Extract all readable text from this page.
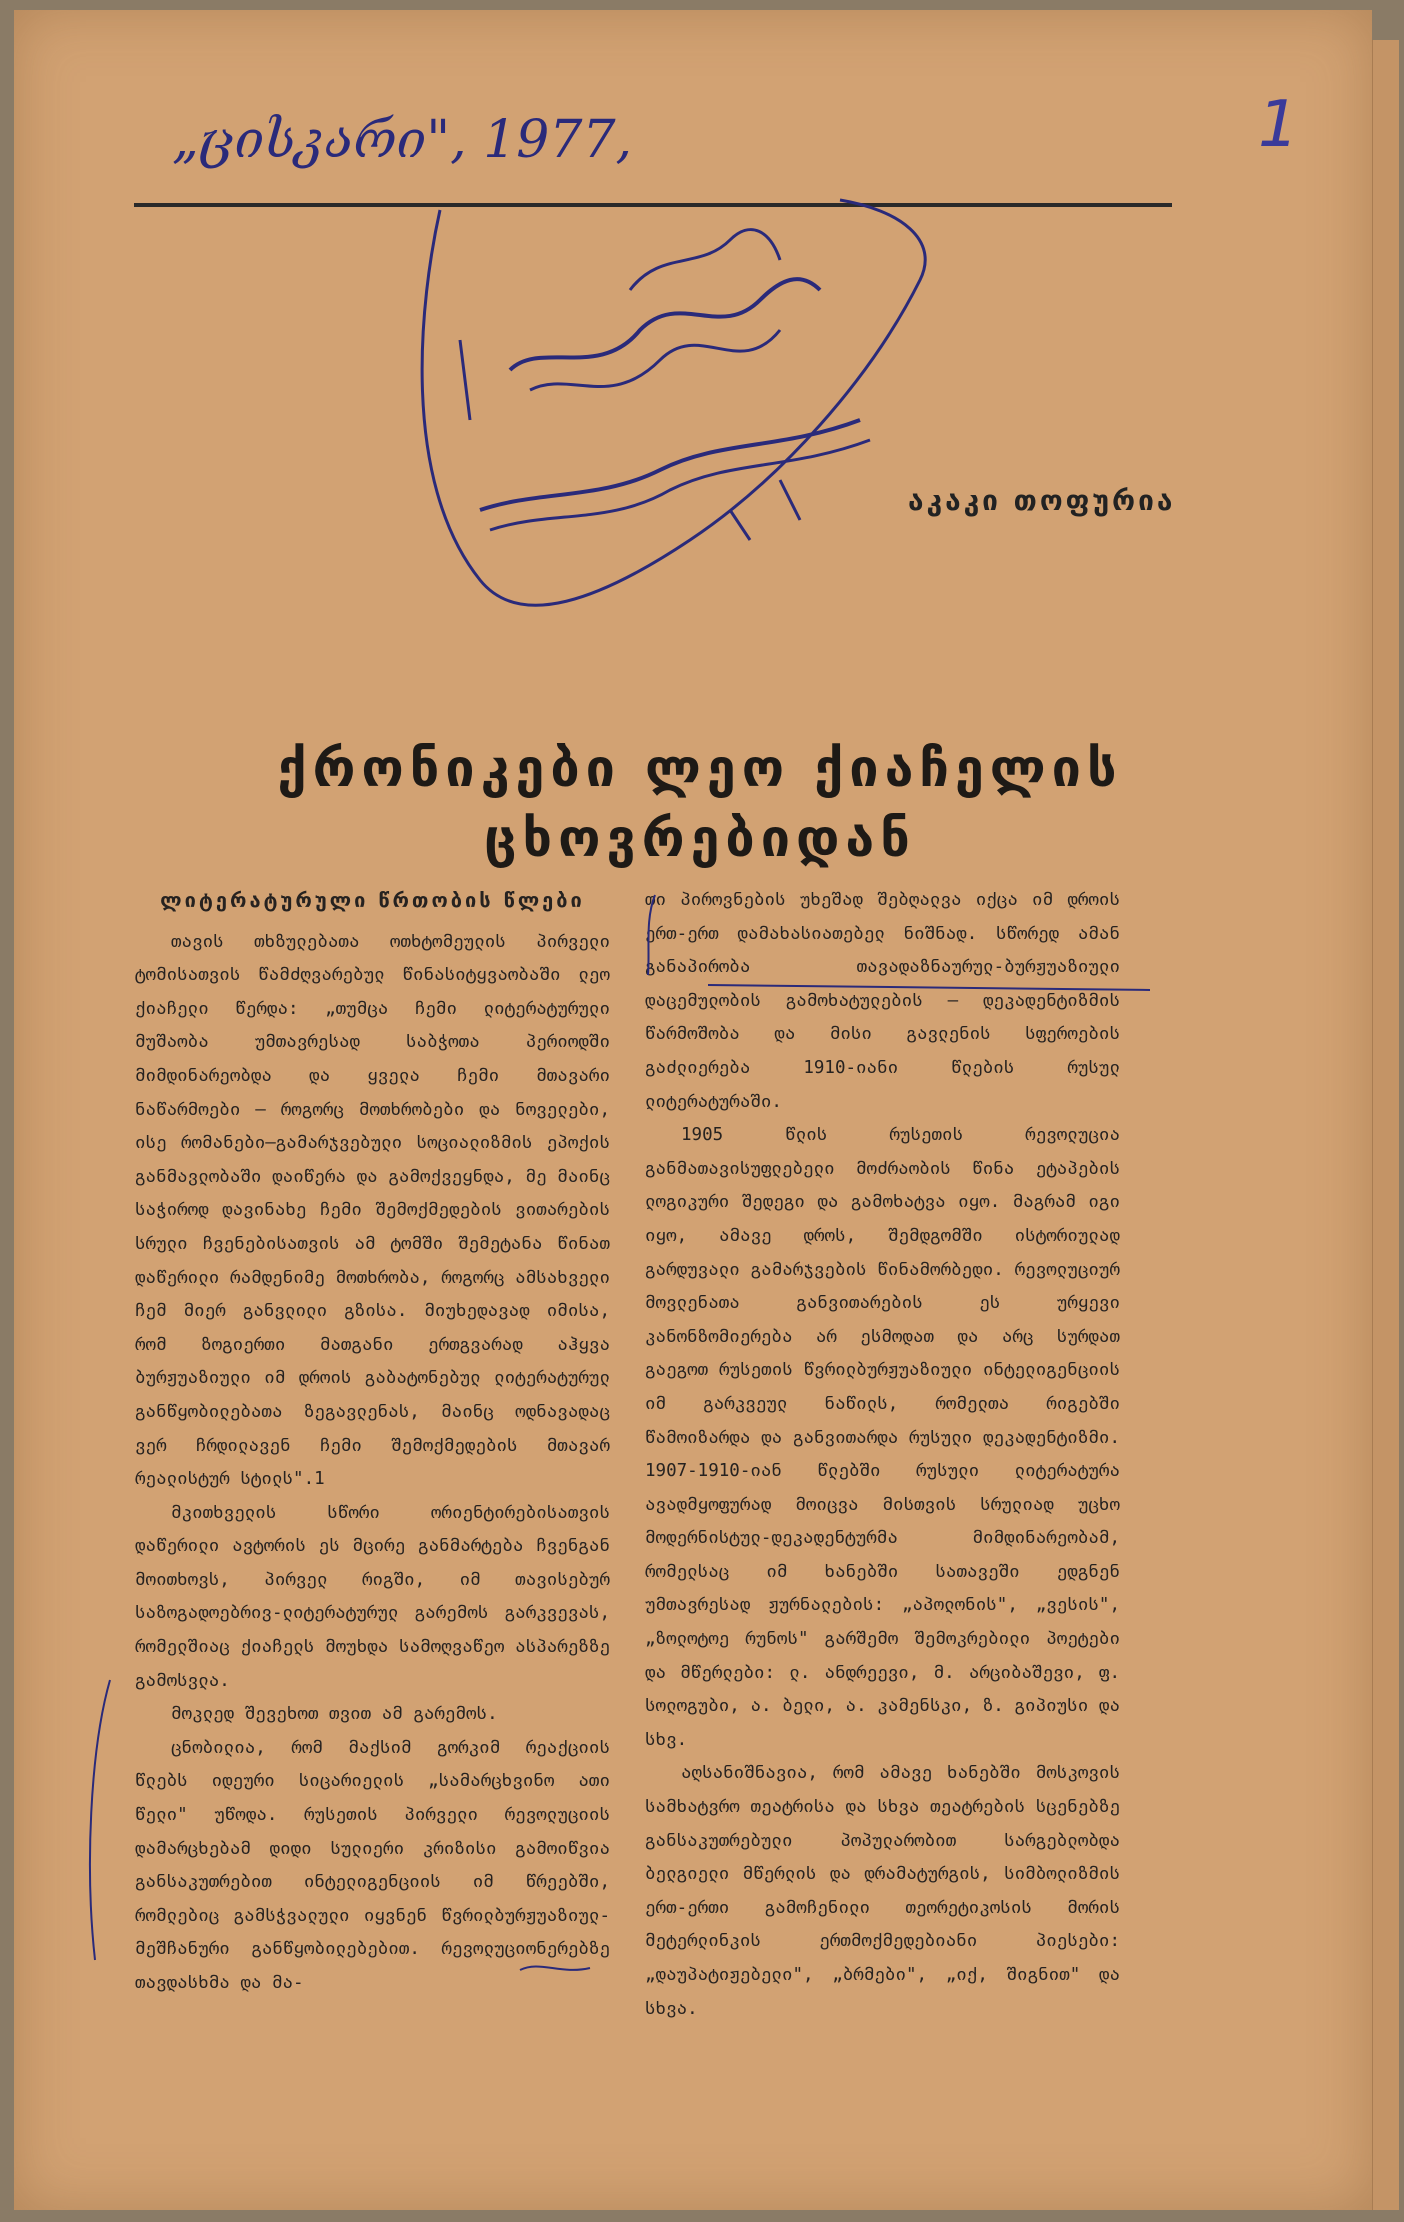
1
„ცისკარი", 1977,
აკაკი თოფურია
ქრონიკები ლეო ქიაჩელის
ცხოვრებიდან
ლიტერატურული წრთობის წლები

თავის თხზულებათა ოთხტომეულის პირველი ტომისათვის წამძღვარებულ წინასიტყვაობაში ლეო ქიაჩელი წერდა: „თუმცა ჩემი ლიტერატურული მუშაობა უმთავრესად საბჭოთა პერიოდში მიმდინარეობდა და ყველა ჩემი მთავარი ნაწარმოები — როგორც მოთხრობები და ნოველები, ისე რომანები—გამარჯვებული სოციალიზმის ეპოქის განმავლობაში დაიწერა და გამოქვეყნდა, მე მაინც საჭიროდ დავინახე ჩემი შემოქმედების ვითარების სრული ჩვენებისათვის ამ ტომში შემეტანა წინათ დაწერილი რამდენიმე მოთხრობა, როგორც ამსახველი ჩემ მიერ განვლილი გზისა. მიუხედავად იმისა, რომ ზოგიერთი მათგანი ერთგვარად აჰყვა ბურჟუაზიული იმ დროის გაბატონებულ ლიტერატურულ განწყობილებათა ზეგავლენას, მაინც ოდნავადაც ვერ ჩრდილავენ ჩემი შემოქმედების მთავარ რეალისტურ სტილს".1

მკითხველის სწორი ორიენტირებისათვის დაწერილი ავტორის ეს მცირე განმარტება ჩვენგან მოითხოვს, პირველ რიგში, იმ თავისებურ საზოგადოებრივ-ლიტერატურულ გარემოს გარკვევას, რომელშიაც ქიაჩელს მოუხდა სამოღვაწეო ასპარეზზე გამოსვლა.

მოკლედ შევეხოთ თვით ამ გარემოს.

ცნობილია, რომ მაქსიმ გორკიმ რეაქციის წლებს იდეური სიცარიელის „სამარცხვინო ათი წელი" უწოდა. რუსეთის პირველი რევოლუციის დამარცხებამ დიდი სულიერი კრიზისი გამოიწვია განსაკუთრებით ინტელიგენციის იმ წრეებში, რომლებიც გამსჭვალული იყვნენ წვრილბურჟუაზიულ-მეშჩანური განწყობილებებით. რევოლუციონერებზე თავდასხმა და მა-

თი პიროვნების უხეშად შებღალვა იქცა იმ დროის ერთ-ერთ დამახასიათებელ ნიშნად. სწორედ ამან განაპირობა თავადაზნაურულ-ბურჟუაზიული დაცემულობის გამოხატულების — დეკადენტიზმის წარმოშობა და მისი გავლენის სფეროების გაძლიერება 1910-იანი წლების რუსულ ლიტერატურაში.

1905 წლის რუსეთის რევოლუცია განმათავისუფლებელი მოძრაობის წინა ეტაპების ლოგიკური შედეგი და გამოხატვა იყო. მაგრამ იგი იყო, ამავე დროს, შემდგომში ისტორიულად გარდუვალი გამარჯვების წინამორბედი. რევოლუციურ მოვლენათა განვითარების ეს ურყევი კანონზომიერება არ ესმოდათ და არც სურდათ გაეგოთ რუსეთის წვრილბურჟუაზიული ინტელიგენციის იმ გარკვეულ ნაწილს, რომელთა რიგებში წამოიზარდა და განვითარდა რუსული დეკადენტიზმი. 1907-1910-იან წლებში რუსული ლიტერატურა ავადმყოფურად მოიცვა მისთვის სრულიად უცხო მოდერნისტულ-დეკადენტურმა მიმდინარეობამ, რომელსაც იმ ხანებში სათავეში ედგნენ უმთავრესად ჟურნალების: „აპოლონის", „ვესის", „ზოლოტოე რუნოს" გარშემო შემოკრებილი პოეტები და მწერლები: ლ. ანდრეევი, მ. არციბაშევი, ფ. სოლოგუბი, ა. ბელი, ა. კამენსკი, ზ. გიპიუსი და სხვ.

აღსანიშნავია, რომ ამავე ხანებში მოსკოვის სამხატვრო თეატრისა და სხვა თეატრების სცენებზე განსაკუთრებული პოპულარობით სარგებლობდა ბელგიელი მწერლის და დრამატურგის, სიმბოლიზმის ერთ-ერთი გამოჩენილი თეორეტიკოსის მორის მეტერლინკის ერთმოქმედებიანი პიესები: „დაუპატიჟებელი", „ბრმები", „იქ, შიგნით" და სხვა.
